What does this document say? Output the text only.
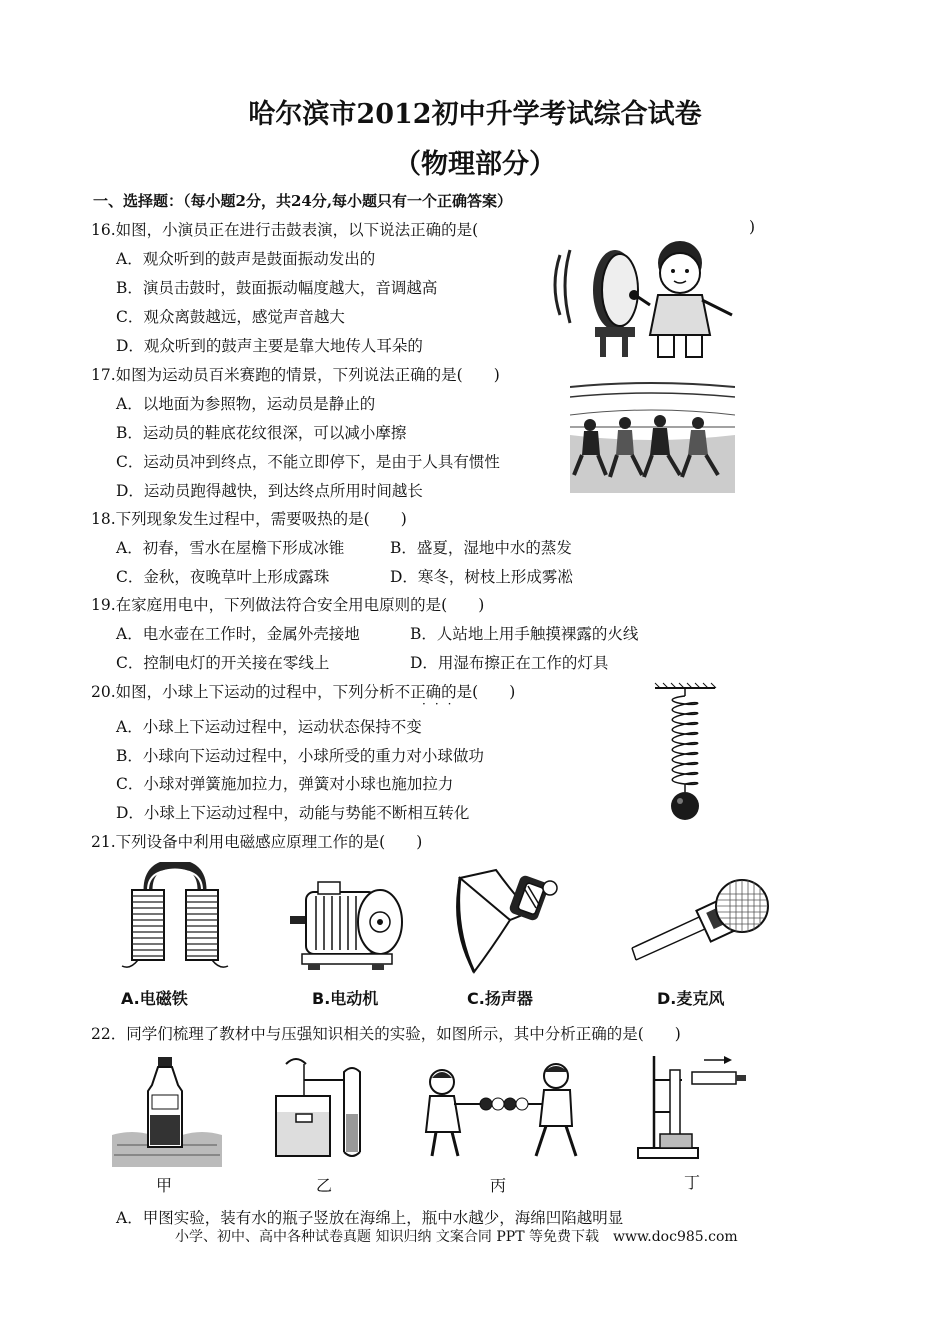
哈尔滨市2012初中升学考试综合试卷
（物理部分）
一、选择题：（每小题2分，共24分,每小题只有一个正确答案）
16.如图，小演员正在进行击鼓表演，以下说法正确的是(	)
A．观众听到的鼓声是鼓面振动发出的
B．演员击鼓时，鼓面振动幅度越大，音调越高
C．观众离鼓越远，感觉声音越大
D．观众听到的鼓声主要是靠大地传人耳朵的
17.如图为运动员百米赛跑的情景，下列说法正确的是(　　)
A．以地面为参照物，运动员是静止的
B．运动员的鞋底花纹很深，可以减小摩擦
C．运动员冲到终点，不能立即停下，是由于人具有惯性
D．运动员跑得越快，到达终点所用时间越长
18.下列现象发生过程中，需要吸热的是(　　)
A．初春，雪水在屋檐下形成冰锥	B．盛夏，湿地中水的蒸发
C．金秋，夜晚草叶上形成露珠	D．寒冬，树枝上形成雾凇
19.在家庭用电中，下列做法符合安全用电原则的是(　　)
A．电水壶在工作时，金属外壳接地	B．人站地上用手触摸裸露的火线
C．控制电灯的开关接在零线上	D．用湿布擦正在工作的灯具
20.如图，小球上下运动的过程中，下列分析不正确的是(　　)
···
A．小球上下运动过程中，运动状态保持不变
B．小球向下运动过程中，小球所受的重力对小球做功
C．小球对弹簧施加拉力，弹簧对小球也施加拉力
D．小球上下运动过程中，动能与势能不断相互转化
21.下列设备中利用电磁感应原理工作的是(　　)
A.电磁铁	B.电动机	C.扬声器	D.麦克风
22．同学们梳理了教材中与压强知识相关的实验，如图所示，其中分析正确的是(　　)
甲	乙	丙	丁
A．甲图实验，装有水的瓶子竖放在海绵上，瓶中水越少，海绵凹陷越明显
小学、初中、高中各种试卷真题 知识归纳 文案合同 PPT 等免费下载　www.doc985.com
